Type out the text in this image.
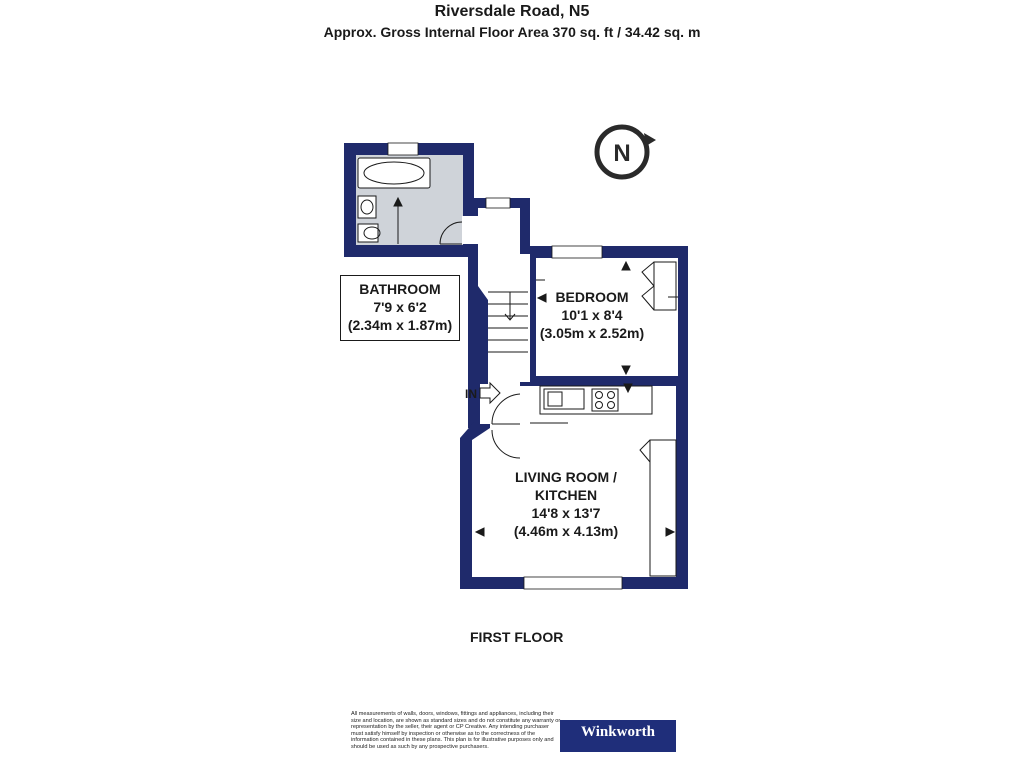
Riversdale Road, N5
Approx. Gross Internal Floor Area 370 sq. ft / 34.42 sq. m
N
BATHROOM
7'9 x 6'2
(2.34m x 1.87m)
BEDROOM
10'1 x 8'4
(3.05m x 2.52m)
LIVING ROOM /
KITCHEN
14'8 x 13'7
(4.46m x 4.13m)
IN
FIRST FLOOR
All measurements of walls, doors, windows, fittings and appliances, including their size and location, are shown as standard sizes and do not constitute any warranty or representation by the seller, their agent or CP Creative. Any intending purchaser must satisfy himself by inspection or otherwise as to the correctness of the information contained in these plans. This plan is for illustrative purposes only and should be used as such by any prospective purchasers.
Winkworth
